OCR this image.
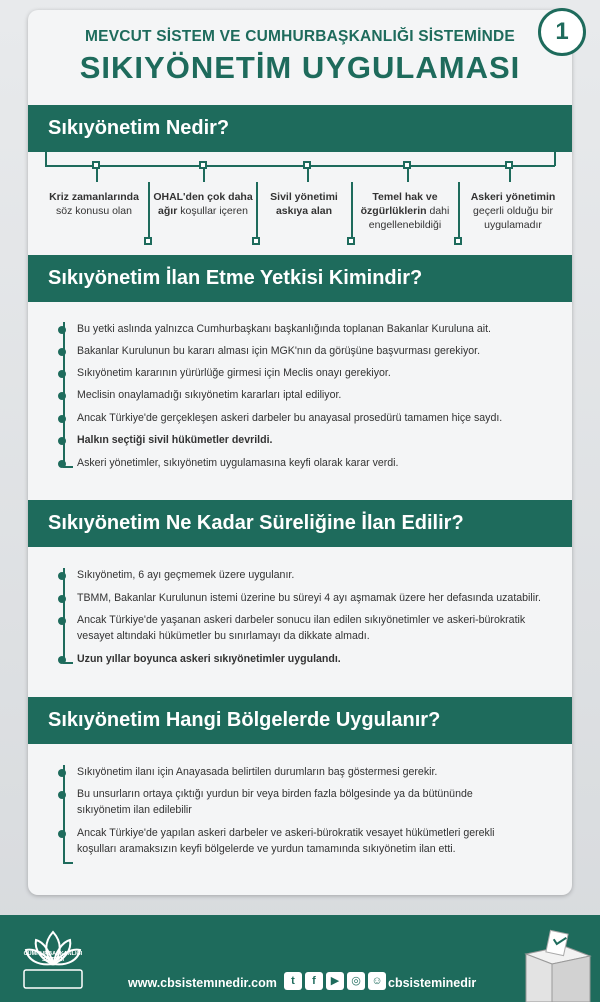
1
MEVCUT SİSTEM VE CUMHURBAŞKANLIĞI SİSTEMİNDE
SIKIYÖNETİM UYGULAMASI
Sıkıyönetim Nedir?
Kriz zamanlarında
söz konusu olan
OHAL'den çok daha
ağır koşullar içeren
Sivil yönetimi
askıya alan
Temel hak ve
özgürlüklerin dahi engellenebildiği
Askeri yönetimin
geçerli olduğu bir uygulamadır
Sıkıyönetim İlan Etme Yetkisi Kimindir?
Bu yetki aslında yalnızca Cumhurbaşkanı başkanlığında toplanan Bakanlar Kuruluna ait.
Bakanlar Kurulunun bu kararı alması için MGK'nın da görüşüne başvurması gerekiyor.
Sıkıyönetim kararının yürürlüğe girmesi için Meclis onayı gerekiyor.
Meclisin onaylamadığı sıkıyönetim kararları iptal ediliyor.
Ancak Türkiye'de gerçekleşen askeri darbeler bu anayasal prosedürü tamamen hiçe saydı.
Halkın seçtiği sivil hükümetler devrildi.
Askeri yönetimler, sıkıyönetim uygulamasına keyfi olarak karar verdi.
Sıkıyönetim Ne Kadar Süreliğine İlan Edilir?
Sıkıyönetim, 6 ayı geçmemek üzere uygulanır.
TBMM, Bakanlar Kurulunun istemi üzerine bu süreyi 4 ayı aşmamak üzere her defasında uzatabilir.
Ancak Türkiye'de yaşanan askeri darbeler sonucu ilan edilen sıkıyönetimler ve askeri-bürokratik
vesayet altındaki hükümetler bu sınırlamayı da dikkate almadı.
Uzun yıllar boyunca askeri sıkıyönetimler uygulandı.
Sıkıyönetim Hangi Bölgelerde Uygulanır?
Sıkıyönetim ilanı için Anayasada belirtilen durumların baş göstermesi gerekir.
Bu unsurların ortaya çıktığı yurdun bir veya birden fazla bölgesinde ya da bütününde
sıkıyönetim ilan edilebilir
Ancak Türkiye'de yapılan askeri darbeler ve askeri-bürokratik vesayet hükümetleri gerekli
koşulları aramaksızın keyfi bölgelerde ve yurdun tamamında sıkıyönetim ilan etti.
CUMHURBAŞKANLIĞI SİSTEMİ
www.cbsistemınedir.com	t	f	▶	◎ ☺ cbsisteminedir
